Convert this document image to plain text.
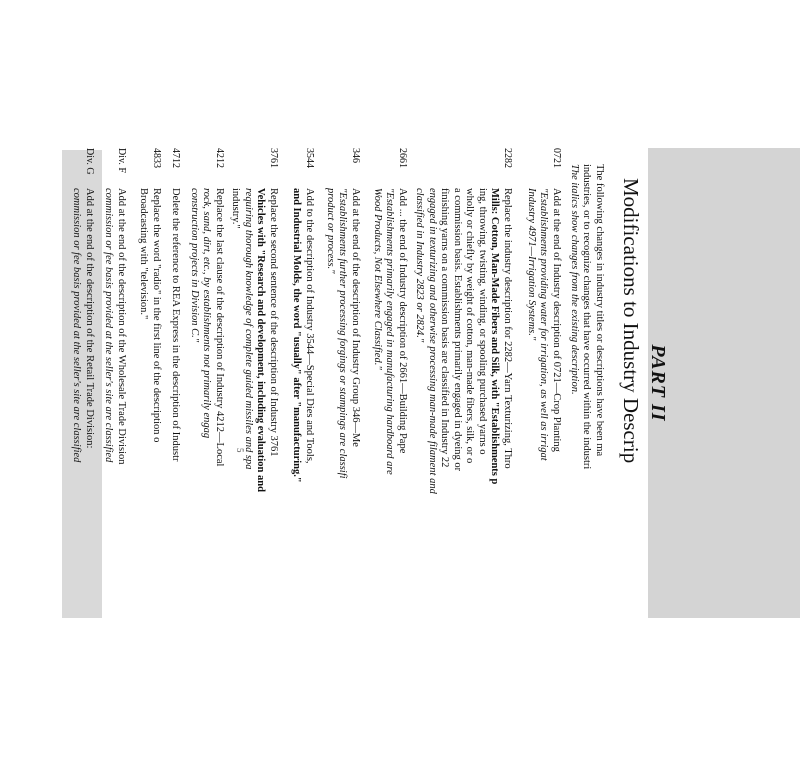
PART II
Modifications to Industry Descrip
The following changes in industry titles or descriptions have been ma
industries, or to recognize changes that have occurred within the industri
The italics show changes from the existing description.
0721
Add at the end of Industry description of 0721—Crop Planting
"Establishments providing water for irrigation, as well as irrigat
Industry 4971—Irrigation Systems."
2282
Replace the industry description for 2282—Yarn Texturizing, Thro
Mills: Cotton, Man-Made Fibers and Silk, with "Establishments p
ing, throwing, twisting, winding, or spooling purchased yarns o
wholly or chiefly by weight of cotton, man-made fibers, silk, or o
a commission basis. Establishments primarily engaged in dyeing or
finishing yarns on a commission basis are classified in Industry 22
engaged in texturizing and otherwise processing man-made filament and
classified in Industry 2823 or 2824."
2661
Add ... the end of Industry description of 2661—Building Pape
"Establishments primarily engaged in manufacturing hardboard are
Wood Products, Not Elsewhere Classified."
346
Add at the end of the description of Industry Group 346—Me
"Establishments further processing forgings or stampings are classifi
product or process."
3544
Add to the description of Industry 3544—Special Dies and Tools,
and Industrial Molds, the word "usually" after "manufacturing."
3761
Replace the second sentence of the description of Industry 3761
Vehicles with "Research and development, including evaluation and
requiring thorough knowledge of complete guided missiles and spa
industry."
4212
Replace the last clause of the description of Industry 4212—Local
rock, sand, dirt, etc., by establishments not primarily engag
construction projects in Division C."
4712
Delete the reference to REA Express in the description of Industr
4833
Replace the word "radio" in the first line of the description o
Broadcasting with "television."
Div. F
Add at the end of the description of the Wholesale Trade Division
commission or fee basis provided at the seller's site are classified
Div. G
Add at the end of the description of the Retail Trade Division:
commission or fee basis provided at the seller's site are classified	5
